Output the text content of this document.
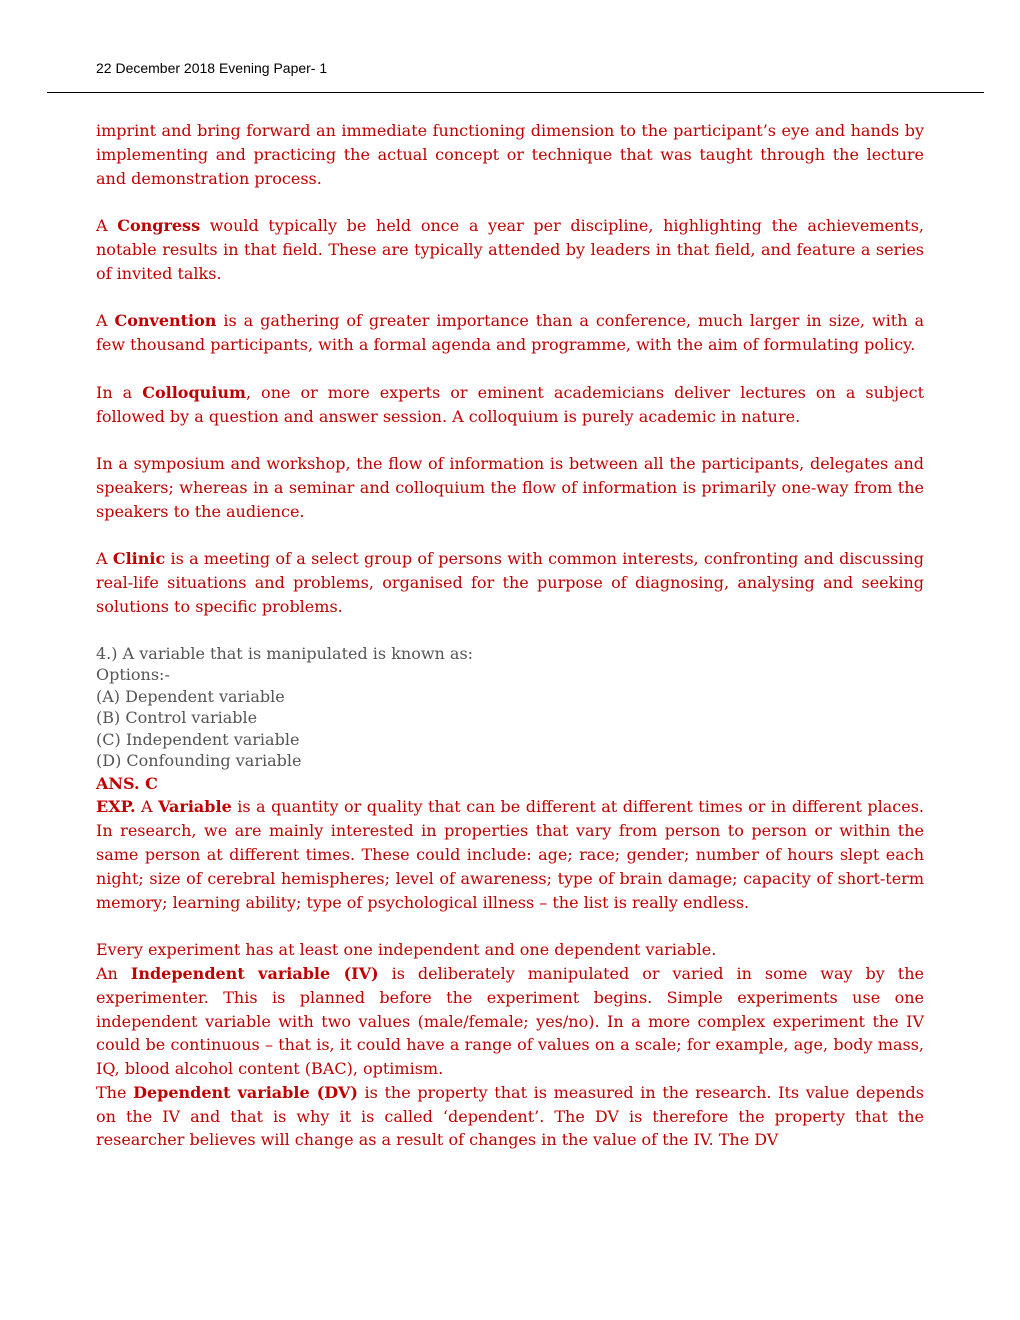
22 December 2018 Evening Paper- 1

imprint and bring forward an immediate functioning dimension to the participant’s eye and hands by implementing and practicing the actual concept or technique that was taught through the lecture and demonstration process.

A Congress would typically be held once a year per discipline, highlighting the achievements, notable results in that field. These are typically attended by leaders in that field, and feature a series of invited talks.

A Convention is a gathering of greater importance than a conference, much larger in size, with a few thousand participants, with a formal agenda and programme, with the aim of formulating policy.

In a Colloquium, one or more experts or eminent academicians deliver lectures on a subject followed by a question and answer session. A colloquium is purely academic in nature.

In a symposium and workshop, the flow of information is between all the participants, delegates and speakers; whereas in a seminar and colloquium the flow of information is primarily one-way from the speakers to the audience.

A Clinic is a meeting of a select group of persons with common interests, confronting and discussing real-life situations and problems, organised for the purpose of diagnosing, analysing and seeking solutions to specific problems.

4.) A variable that is manipulated is known as:
Options:-
(A) Dependent variable
(B) Control variable
(C) Independent variable
(D) Confounding variable
ANS. C

EXP. A Variable is a quantity or quality that can be different at different times or in different places. In research, we are mainly interested in properties that vary from person to person or within the same person at different times. These could include: age; race; gender; number of hours slept each night; size of cerebral hemispheres; level of awareness; type of brain damage; capacity of short-term memory; learning ability; type of psychological illness – the list is really endless.

Every experiment has at least one independent and one dependent variable.

An Independent variable (IV) is deliberately manipulated or varied in some way by the experimenter. This is planned before the experiment begins. Simple experiments use one independent variable with two values (male/female; yes/no). In a more complex experiment the IV could be continuous – that is, it could have a range of values on a scale; for example, age, body mass, IQ, blood alcohol content (BAC), optimism.

The Dependent variable (DV) is the property that is measured in the research. Its value depends on the IV and that is why it is called ‘dependent’. The DV is therefore the property that the researcher believes will change as a result of changes in the value of the IV. The DV
